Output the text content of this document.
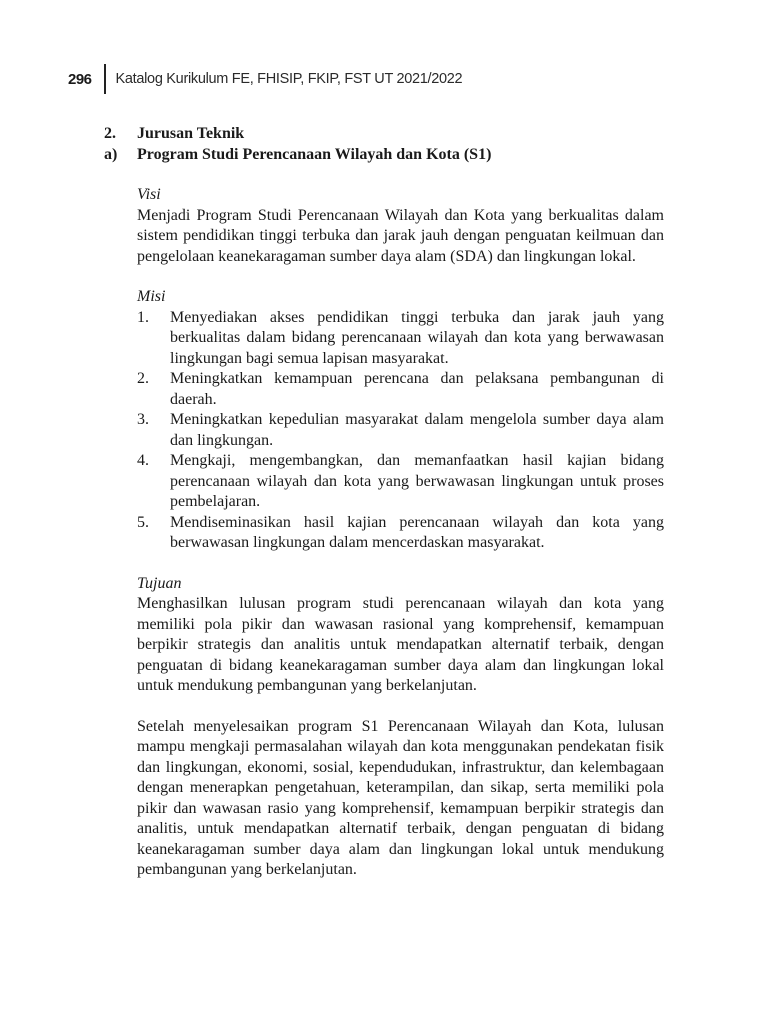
296	Katalog Kurikulum FE, FHISIP, FKIP, FST UT 2021/2022
2.	Jurusan Teknik
a)	Program Studi Perencanaan Wilayah dan Kota (S1)
Visi

Menjadi Program Studi Perencanaan Wilayah dan Kota yang berkualitas dalam sistem pendidikan tinggi terbuka dan jarak jauh dengan penguatan keilmuan dan pengelolaan keanekaragaman sumber daya alam (SDA) dan lingkungan lokal.

Misi
1.	Menyediakan akses pendidikan tinggi terbuka dan jarak jauh yang berkualitas dalam bidang perencanaan wilayah dan kota yang berwawasan lingkungan bagi semua lapisan masyarakat.
2.	Meningkatkan kemampuan perencana dan pelaksana pembangunan di daerah.
3.	Meningkatkan kepedulian masyarakat dalam mengelola sumber daya alam dan lingkungan.
4.	Mengkaji, mengembangkan, dan memanfaatkan hasil kajian bidang perencanaan wilayah dan kota yang berwawasan lingkungan untuk proses pembelajaran.
5.	Mendiseminasikan hasil kajian perencanaan wilayah dan kota yang berwawasan lingkungan dalam mencerdaskan masyarakat.
Tujuan

Menghasilkan lulusan program studi perencanaan wilayah dan kota yang memiliki pola pikir dan wawasan rasional yang komprehensif, kemampuan berpikir strategis dan analitis untuk mendapatkan alternatif terbaik, dengan penguatan di bidang keanekaragaman sumber daya alam dan lingkungan lokal untuk mendukung pembangunan yang berkelanjutan.

Setelah menyelesaikan program S1 Perencanaan Wilayah dan Kota, lulusan mampu mengkaji permasalahan wilayah dan kota menggunakan pendekatan fisik dan lingkungan, ekonomi, sosial, kependudukan, infrastruktur, dan kelembagaan dengan menerapkan pengetahuan, keterampilan, dan sikap, serta memiliki pola pikir dan wawasan rasio yang komprehensif, kemampuan berpikir strategis dan analitis, untuk mendapatkan alternatif terbaik, dengan penguatan di bidang keanekaragaman sumber daya alam dan lingkungan lokal untuk mendukung pembangunan yang berkelanjutan.
